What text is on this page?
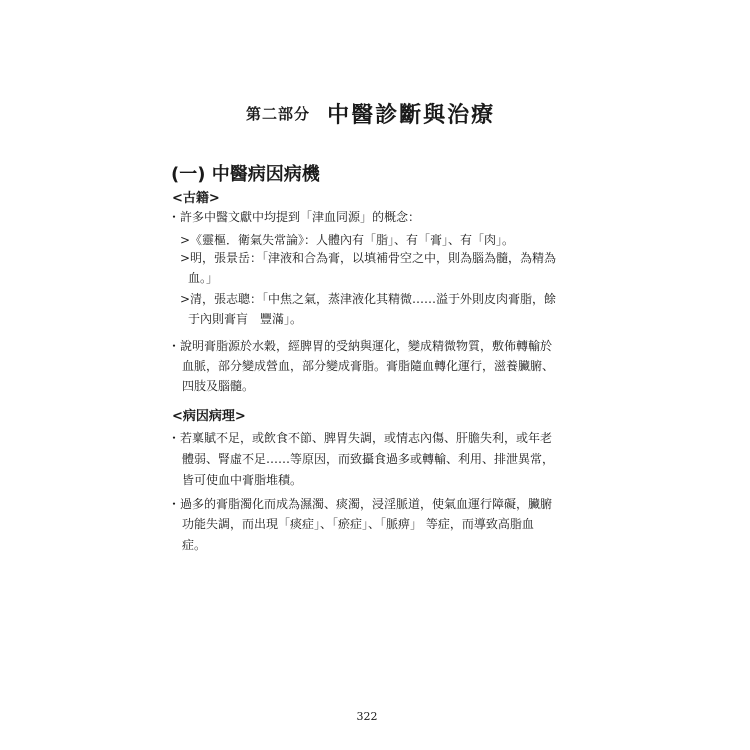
第二部分 中醫診斷與治療
(一) 中醫病因病機
<古籍>
・許多中醫文獻中均提到「津血同源」的概念：
>《靈樞．衛氣失常論》：人體內有「脂」、有「膏」、有「肉」。
>明，張景岳：「津液和合為膏，以填補骨空之中，則為腦為髓，為精為
血。」
>清，張志聰：「中焦之氣，蒸津液化其精微……溢于外則皮肉膏脂，餘
于內則膏肓　豐滿」。
・說明膏脂源於水穀，經脾胃的受納與運化，變成精微物質，敷佈轉輸於
血脈，部分變成營血，部分變成膏脂。膏脂隨血轉化運行，滋養臟腑、
四肢及腦髓。
<病因病理>
・若稟賦不足，或飲食不節、脾胃失調，或情志內傷、肝膽失利，或年老
體弱、腎虛不足……等原因，而致攝食過多或轉輸、利用、排泄異常，
皆可使血中膏脂堆積。
・過多的膏脂濁化而成為濕濁、痰濁，浸淫脈道，使氣血運行障礙，臟腑
功能失調，而出現「痰症」、「瘀症」、「脈痹」 等症，而導致高脂血
症。
322
